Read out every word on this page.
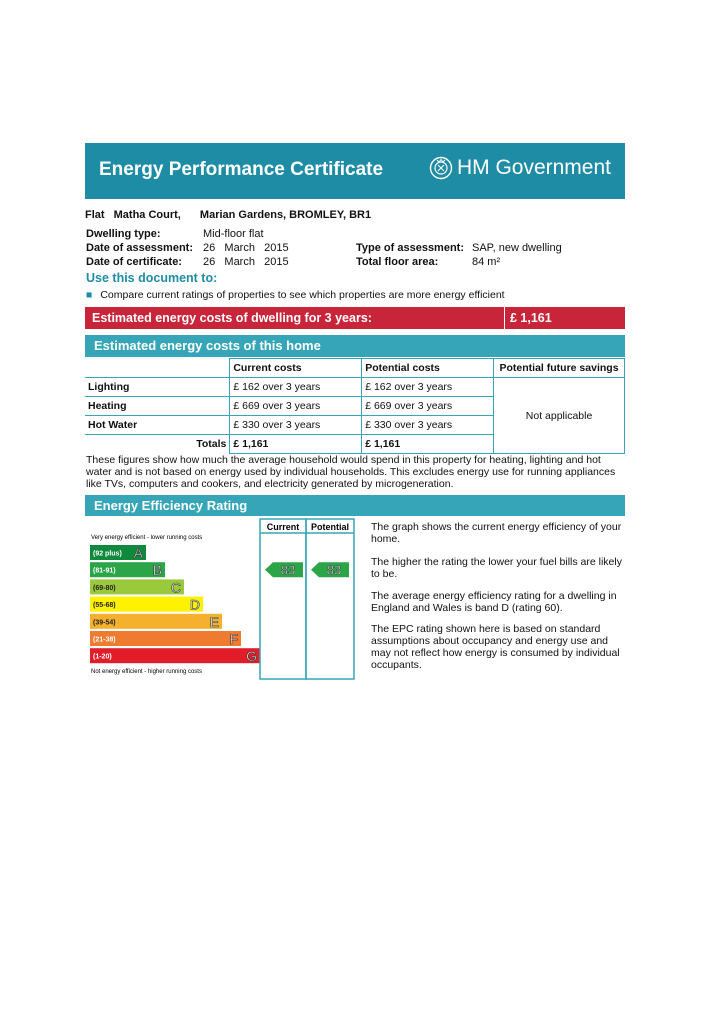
Energy Performance Certificate	HM Government
Flat Matha Court, Marian Gardens, BROMLEY, BR1
Dwelling type:	Mid-floor flat
Date of assessment: 26   March   2015
Date of certificate: 26   March   2015
Type of assessment: SAP, new dwelling
Total floor area:	84 m²
Use this document to:
■ Compare current ratings of properties to see which properties are more energy efficient
Estimated energy costs of dwelling for 3 years:	£ 1,161
Estimated energy costs of this home
	Current costs	Potential costs	Potential future savings
Lighting	£ 162 over 3 years	£ 162 over 3 years	Not applicable
Heating	£ 669 over 3 years	£ 669 over 3 years	
Hot Water	£ 330 over 3 years	£ 330 over 3 years	
Totals	£ 1,161	£ 1,161	
These figures show how much the average household would spend in this property for heating, lighting and hot water and is not based on energy used by individual households. This excludes energy use for running appliances like TVs, computers and cookers, and electricity generated by microgeneration.
Energy Efficiency Rating
(92 plus) A
(81-91)	B
(69-80)	C
(55-68)	D
(39-54)	E
(21-38)	F
(1-20)	G
Current Potential
Very energy efficient - lower running costs
Not energy efficient - higher running costs
83 83
The graph shows the current energy efficiency of your home.
The higher the rating the lower your fuel bills are likely to be.
The average energy efficiency rating for a dwelling in England and Wales is band D (rating 60).
The EPC rating shown here is based on standard assumptions about occupancy and energy use and may not reflect how energy is consumed by individual occupants.
